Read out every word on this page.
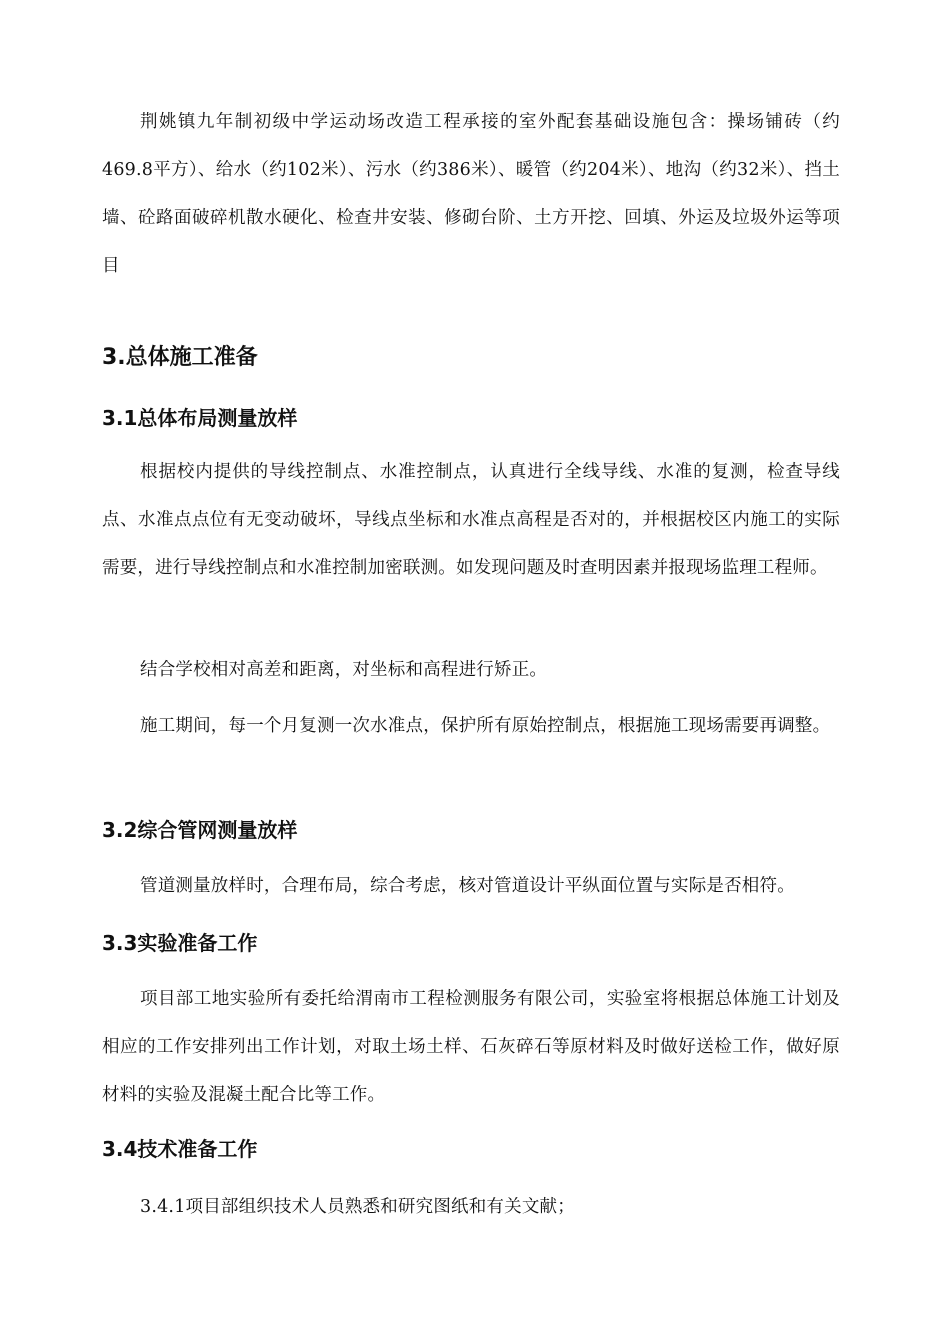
荆姚镇九年制初级中学运动场改造工程承接的室外配套基础设施包含：操场铺砖（约469.8平方）、给水（约102米）、污水（约386米）、暖管（约204米）、地沟（约32米）、挡土墙、砼路面破碎机散水硬化、检查井安装、修砌台阶、土方开挖、回填、外运及垃圾外运等项目

3.总体施工准备
3.1总体布局测量放样

根据校内提供的导线控制点、水准控制点，认真进行全线导线、水准的复测，检查导线点、水准点点位有无变动破坏，导线点坐标和水准点高程是否对的，并根据校区内施工的实际需要，进行导线控制点和水准控制加密联测。如发现问题及时查明因素并报现场监理工程师。

结合学校相对高差和距离，对坐标和高程进行矫正。

施工期间，每一个月复测一次水准点，保护所有原始控制点，根据施工现场需要再调整。

3.2综合管网测量放样

管道测量放样时，合理布局，综合考虑，核对管道设计平纵面位置与实际是否相符。

3.3实验准备工作

项目部工地实验所有委托给渭南市工程检测服务有限公司，实验室将根据总体施工计划及相应的工作安排列出工作计划，对取土场土样、石灰碎石等原材料及时做好送检工作，做好原材料的实验及混凝土配合比等工作。

3.4技术准备工作

3.4.1项目部组织技术人员熟悉和研究图纸和有关文献；
